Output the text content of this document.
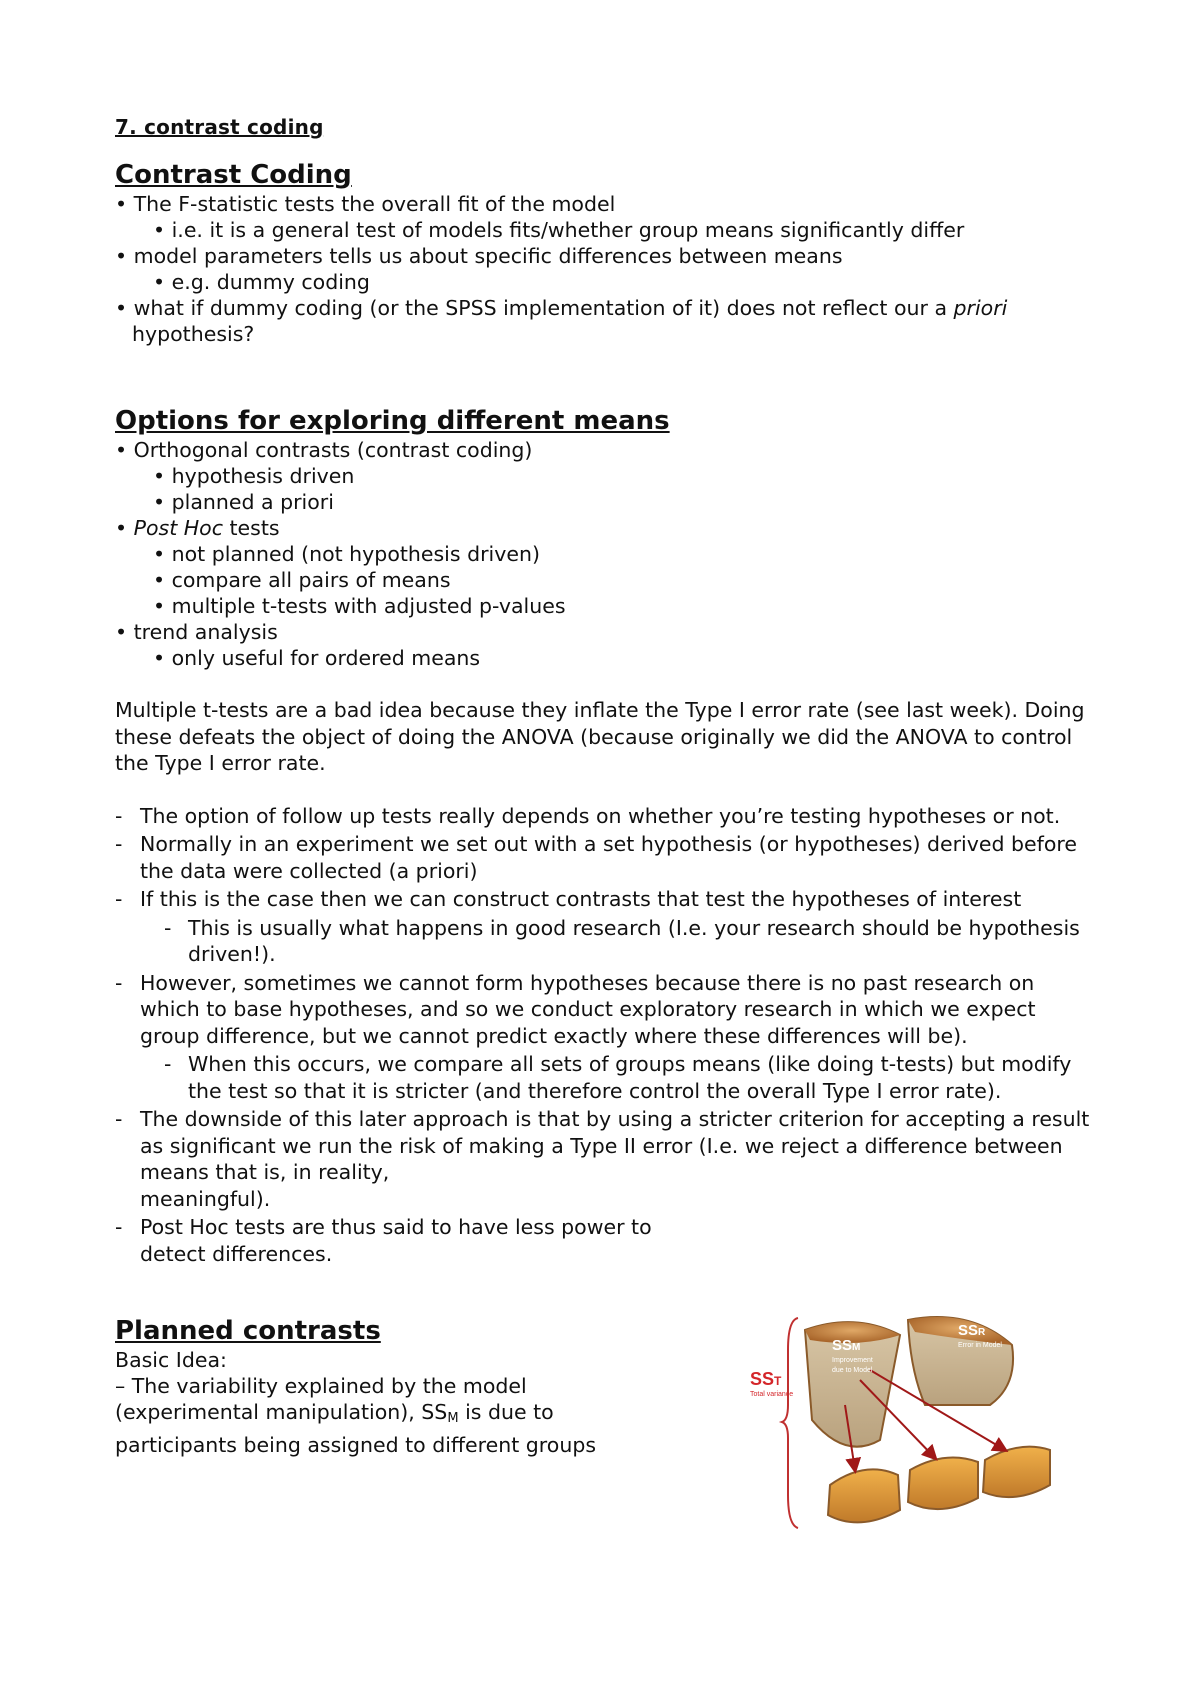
7. contrast coding

Contrast Coding

• The F-statistic tests the overall fit of the model

• i.e. it is a general test of models fits/whether group means significantly differ

• model parameters tells us about specific differences between means

• e.g. dummy coding

• what if dummy coding (or the SPSS implementation of it) does not reflect our a priori

hypothesis?

Options for exploring different means

• Orthogonal contrasts (contrast coding)

• hypothesis driven

• planned a priori

• Post Hoc tests

• not planned (not hypothesis driven)

• compare all pairs of means

• multiple t-tests with adjusted p-values

• trend analysis

• only useful for ordered means

Multiple t-tests are a bad idea because they inflate the Type I error rate (see last week). Doing these defeats the object of doing the ANOVA (because originally we did the ANOVA to control the Type I error rate.

- The option of follow up tests really depends on whether you’re testing hypotheses or not.
- Normally in an experiment we set out with a set hypothesis (or hypotheses) derived before the data were collected (a priori)
- If this is the case then we can construct contrasts that test the hypotheses of interest
- This is usually what happens in good research (I.e. your research should be hypothesis driven!).
- However, sometimes we cannot form hypotheses because there is no past research on which to base hypotheses, and so we conduct exploratory research in which we expect group difference, but we cannot predict exactly where these differences will be).
- When this occurs, we compare all sets of groups means (like doing t-tests) but modify the test so that it is stricter (and therefore control the overall Type I error rate).
- The downside of this later approach is that by using a stricter criterion for accepting a result as significant we run the risk of making a Type II error (I.e. we reject a difference between means that is, in reality,
meaningful).
- Post Hoc tests are thus said to have less power to
detect differences.

Planned contrasts

Basic Idea:

– The variability explained by the model

(experimental manipulation), $SS_M$ is due to

participants being assigned to different groups

SST
Total variance
SSM
Improvement
due to Model
SSR
Error in Model
